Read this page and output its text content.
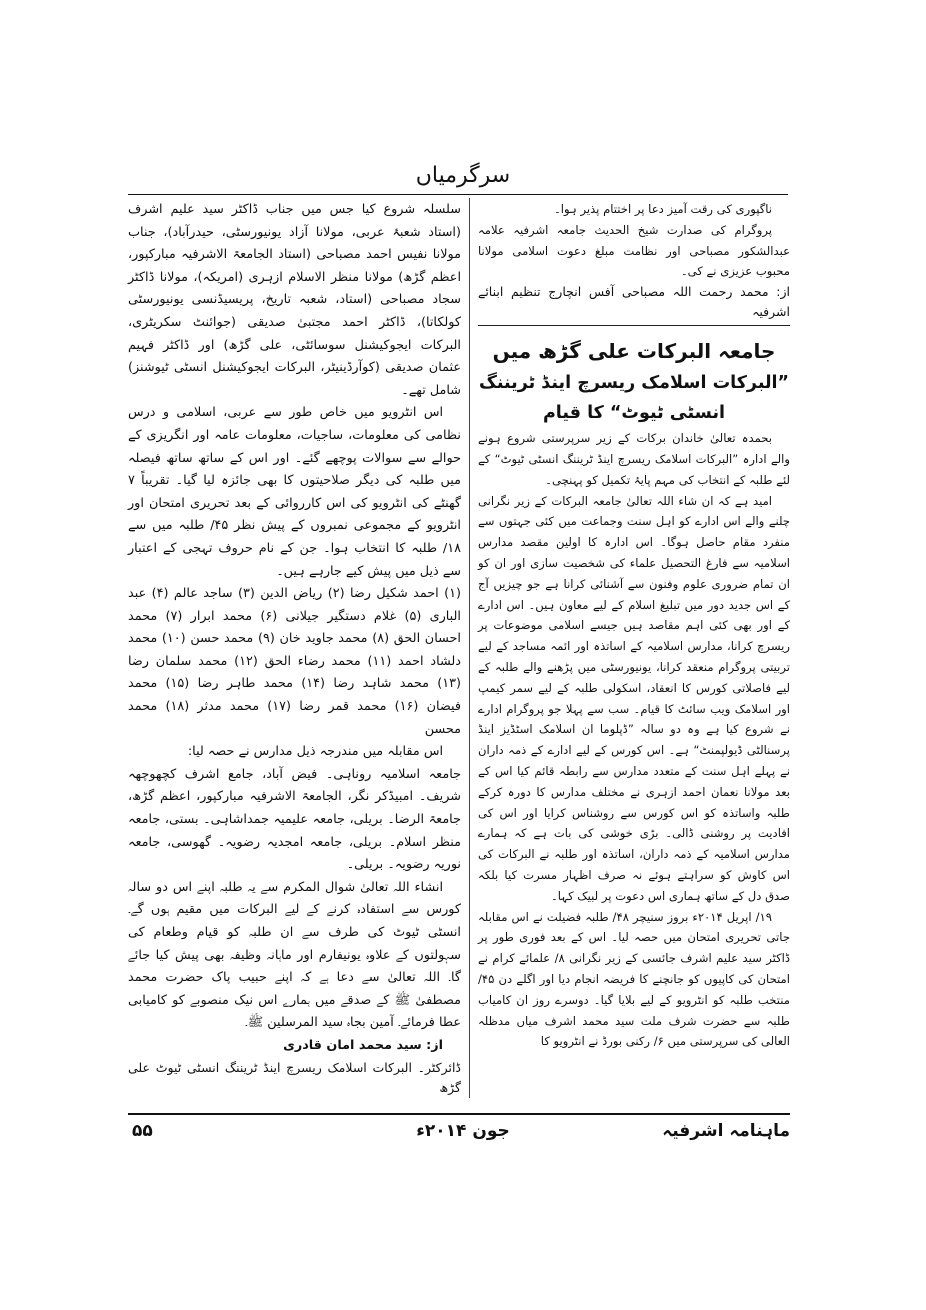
سرگرمیاں

ناگپوری کی رقت آمیز دعا پر اختتام پذیر ہوا۔

پروگرام کی صدارت شیخ الحدیث جامعہ اشرفیہ علامہ عبدالشکور مصباحی اور نظامت مبلغ دعوت اسلامی مولانا محبوب عزیزی نے کی۔

از: محمد رحمت اللہ مصباحی آفس انچارج تنظیم ابنائے اشرفیہ

جامعہ البرکات علی گڑھ میں

”البرکات اسلامک ریسرچ اینڈ ٹریننگ انسٹی ٹیوٹ“ کا قیام

بحمدہ تعالیٰ خاندان برکات کے زیر سرپرستی شروع ہونے والے ادارہ ”البرکات اسلامک ریسرچ اینڈ ٹریننگ انسٹی ٹیوٹ“ کے لئے طلبہ کے انتخاب کی مہم پایۂ تکمیل کو پہنچی۔

امید ہے کہ ان شاء اللہ تعالیٰ جامعہ البرکات کے زیر نگرانی چلنے والے اس ادارے کو اہل سنت وجماعت میں کئی جہتوں سے منفرد مقام حاصل ہوگا۔ اس ادارہ کا اولین مقصد مدارس اسلامیہ سے فارغ التحصیل علماء کی شخصیت سازی اور ان کو ان تمام ضروری علوم وفنون سے آشنائی کرانا ہے جو چیزیں آج کے اس جدید دور میں تبلیغ اسلام کے لیے معاون ہیں۔ اس ادارے کے اور بھی کئی اہم مقاصد ہیں جیسے اسلامی موضوعات پر ریسرچ کرانا، مدارس اسلامیہ کے اساتذہ اور ائمہ مساجد کے لیے تربیتی پروگرام منعقد کرانا، یونیورسٹی میں پڑھنے والے طلبہ کے لیے فاصلاتی کورس کا انعقاد، اسکولی طلبہ کے لیے سمر کیمپ اور اسلامک ویب سائٹ کا قیام۔ سب سے پہلا جو پروگرام ادارے نے شروع کیا ہے وہ دو سالہ ”ڈپلوما ان اسلامک اسٹڈیز اینڈ پرسنالٹی ڈیولپمنٹ“ ہے۔ اس کورس کے لیے ادارے کے ذمہ داران نے پہلے اہل سنت کے متعدد مدارس سے رابطہ قائم کیا اس کے بعد مولانا نعمان احمد ازہری نے مختلف مدارس کا دورہ کرکے طلبہ واساتذہ کو اس کورس سے روشناس کرایا اور اس کی افادیت پر روشنی ڈالی۔ بڑی خوشی کی بات ہے کہ ہمارے مدارس اسلامیہ کے ذمہ داران، اساتذہ اور طلبہ نے البرکات کی اس کاوش کو سراہتے ہوئے نہ صرف اظہار مسرت کیا بلکہ صدق دل کے ساتھ ہماری اس دعوت پر لبیک کہا۔

۱۹/ اپریل ۲۰۱۴ء بروز سنیچر ۴۸/ طلبہ فضیلت نے اس مقابلہ جاتی تحریری امتحان میں حصہ لیا۔ اس کے بعد فوری طور پر ڈاکٹر سید علیم اشرف جائسی کے زیر نگرانی ۸/ علمائے کرام نے امتحان کی کاپیوں کو جانچنے کا فریضہ انجام دیا اور اگلے دن ۴۵/ منتخب طلبہ کو انٹرویو کے لیے بلایا گیا۔ دوسرے روز ان کامیاب طلبہ سے حضرت شرف ملت سید محمد اشرف میاں مدظلہ العالی کی سرپرستی میں ۶/ رکنی بورڈ نے انٹرویو کا

سلسلہ شروع کیا جس میں جناب ڈاکٹر سید علیم اشرف (استاد شعبۂ عربی، مولانا آزاد یونیورسٹی، حیدرآباد)، جناب مولانا نفیس احمد مصباحی (استاد الجامعۃ الاشرفیہ مبارکپور، اعظم گڑھ) مولانا منظر الاسلام ازہری (امریکہ)، مولانا ڈاکٹر سجاد مصباحی (استاد، شعبہ تاریخ، پریسیڈنسی یونیورسٹی کولکاتا)، ڈاکٹر احمد مجتبیٰ صدیقی (جوائنٹ سکریٹری، البرکات ایجوکیشنل سوسائٹی، علی گڑھ) اور ڈاکٹر فہیم عثمان صدیقی (کوآرڈینیٹر، البرکات ایجوکیشنل انسٹی ٹیوشنز) شامل تھے۔

اس انٹرویو میں خاص طور سے عربی، اسلامی و درس نظامی کی معلومات، ساجیات، معلومات عامہ اور انگریزی کے حوالے سے سوالات پوچھے گئے۔ اور اس کے ساتھ ساتھ فیصلہ میں طلبہ کی دیگر صلاحیتوں کا بھی جائزہ لیا گیا۔ تقریباً ۷ گھنٹے کی انٹرویو کی اس کارروائی کے بعد تحریری امتحان اور انٹرویو کے مجموعی نمبروں کے پیش نظر ۴۵/ طلبہ میں سے ۱۸/ طلبہ کا انتخاب ہوا۔ جن کے نام حروف تہجی کے اعتبار سے ذیل میں پیش کیے جارہے ہیں۔

(۱) احمد شکیل رضا (۲) ریاض الدین (۳) ساجد عالم (۴) عبد الباری (۵) غلام دستگیر جیلانی (۶) محمد ابرار (۷) محمد احسان الحق (۸) محمد جاوید خان (۹) محمد حسن (۱۰) محمد دلشاد احمد (۱۱) محمد رضاء الحق (۱۲) محمد سلمان رضا (۱۳) محمد شاہد رضا (۱۴) محمد طاہر رضا (۱۵) محمد فیضان (۱۶) محمد قمر رضا (۱۷) محمد مدثر (۱۸) محمد محسن

اس مقابلہ میں مندرجہ ذیل مدارس نے حصہ لیا:

جامعہ اسلامیہ روناہی۔ فیض آباد، جامع اشرف کچھوچھہ شریف۔ امبیڈکر نگر، الجامعۃ الاشرفیہ مبارکپور، اعظم گڑھ، جامعۃ الرضا۔ بریلی، جامعہ علیمیہ جمداشاہی۔ بستی، جامعہ منظر اسلام۔ بریلی، جامعہ امجدیہ رضویہ۔ گھوسی، جامعہ نوریہ رضویہ۔ بریلی۔

انشاء اللہ تعالیٰ شوال المکرم سے یہ طلبہ اپنے اس دو سالہ کورس سے استفادہ کرنے کے لیے البرکات میں مقیم ہوں گے۔ انسٹی ٹیوٹ کی طرف سے ان طلبہ کو قیام وطعام کی سہولتوں کے علاوہ یونیفارم اور ماہانہ وظیفہ بھی پیش کیا جائے گا۔ اللہ تعالیٰ سے دعا ہے کہ اپنے حبیب پاک حضرت محمد مصطفیٰ ﷺ کے صدقے میں ہمارے اس نیک منصوبے کو کامیابی عطا فرمائے۔ آمین بجاہ سید المرسلین ﷺ۔

از: سید محمد امان قادری

ڈائرکٹر۔ البرکات اسلامک ریسرچ اینڈ ٹریننگ انسٹی ٹیوٹ علی گڑھ

ماہنامہ اشرفیہ
جون ۲۰۱۴ء
۵۵
